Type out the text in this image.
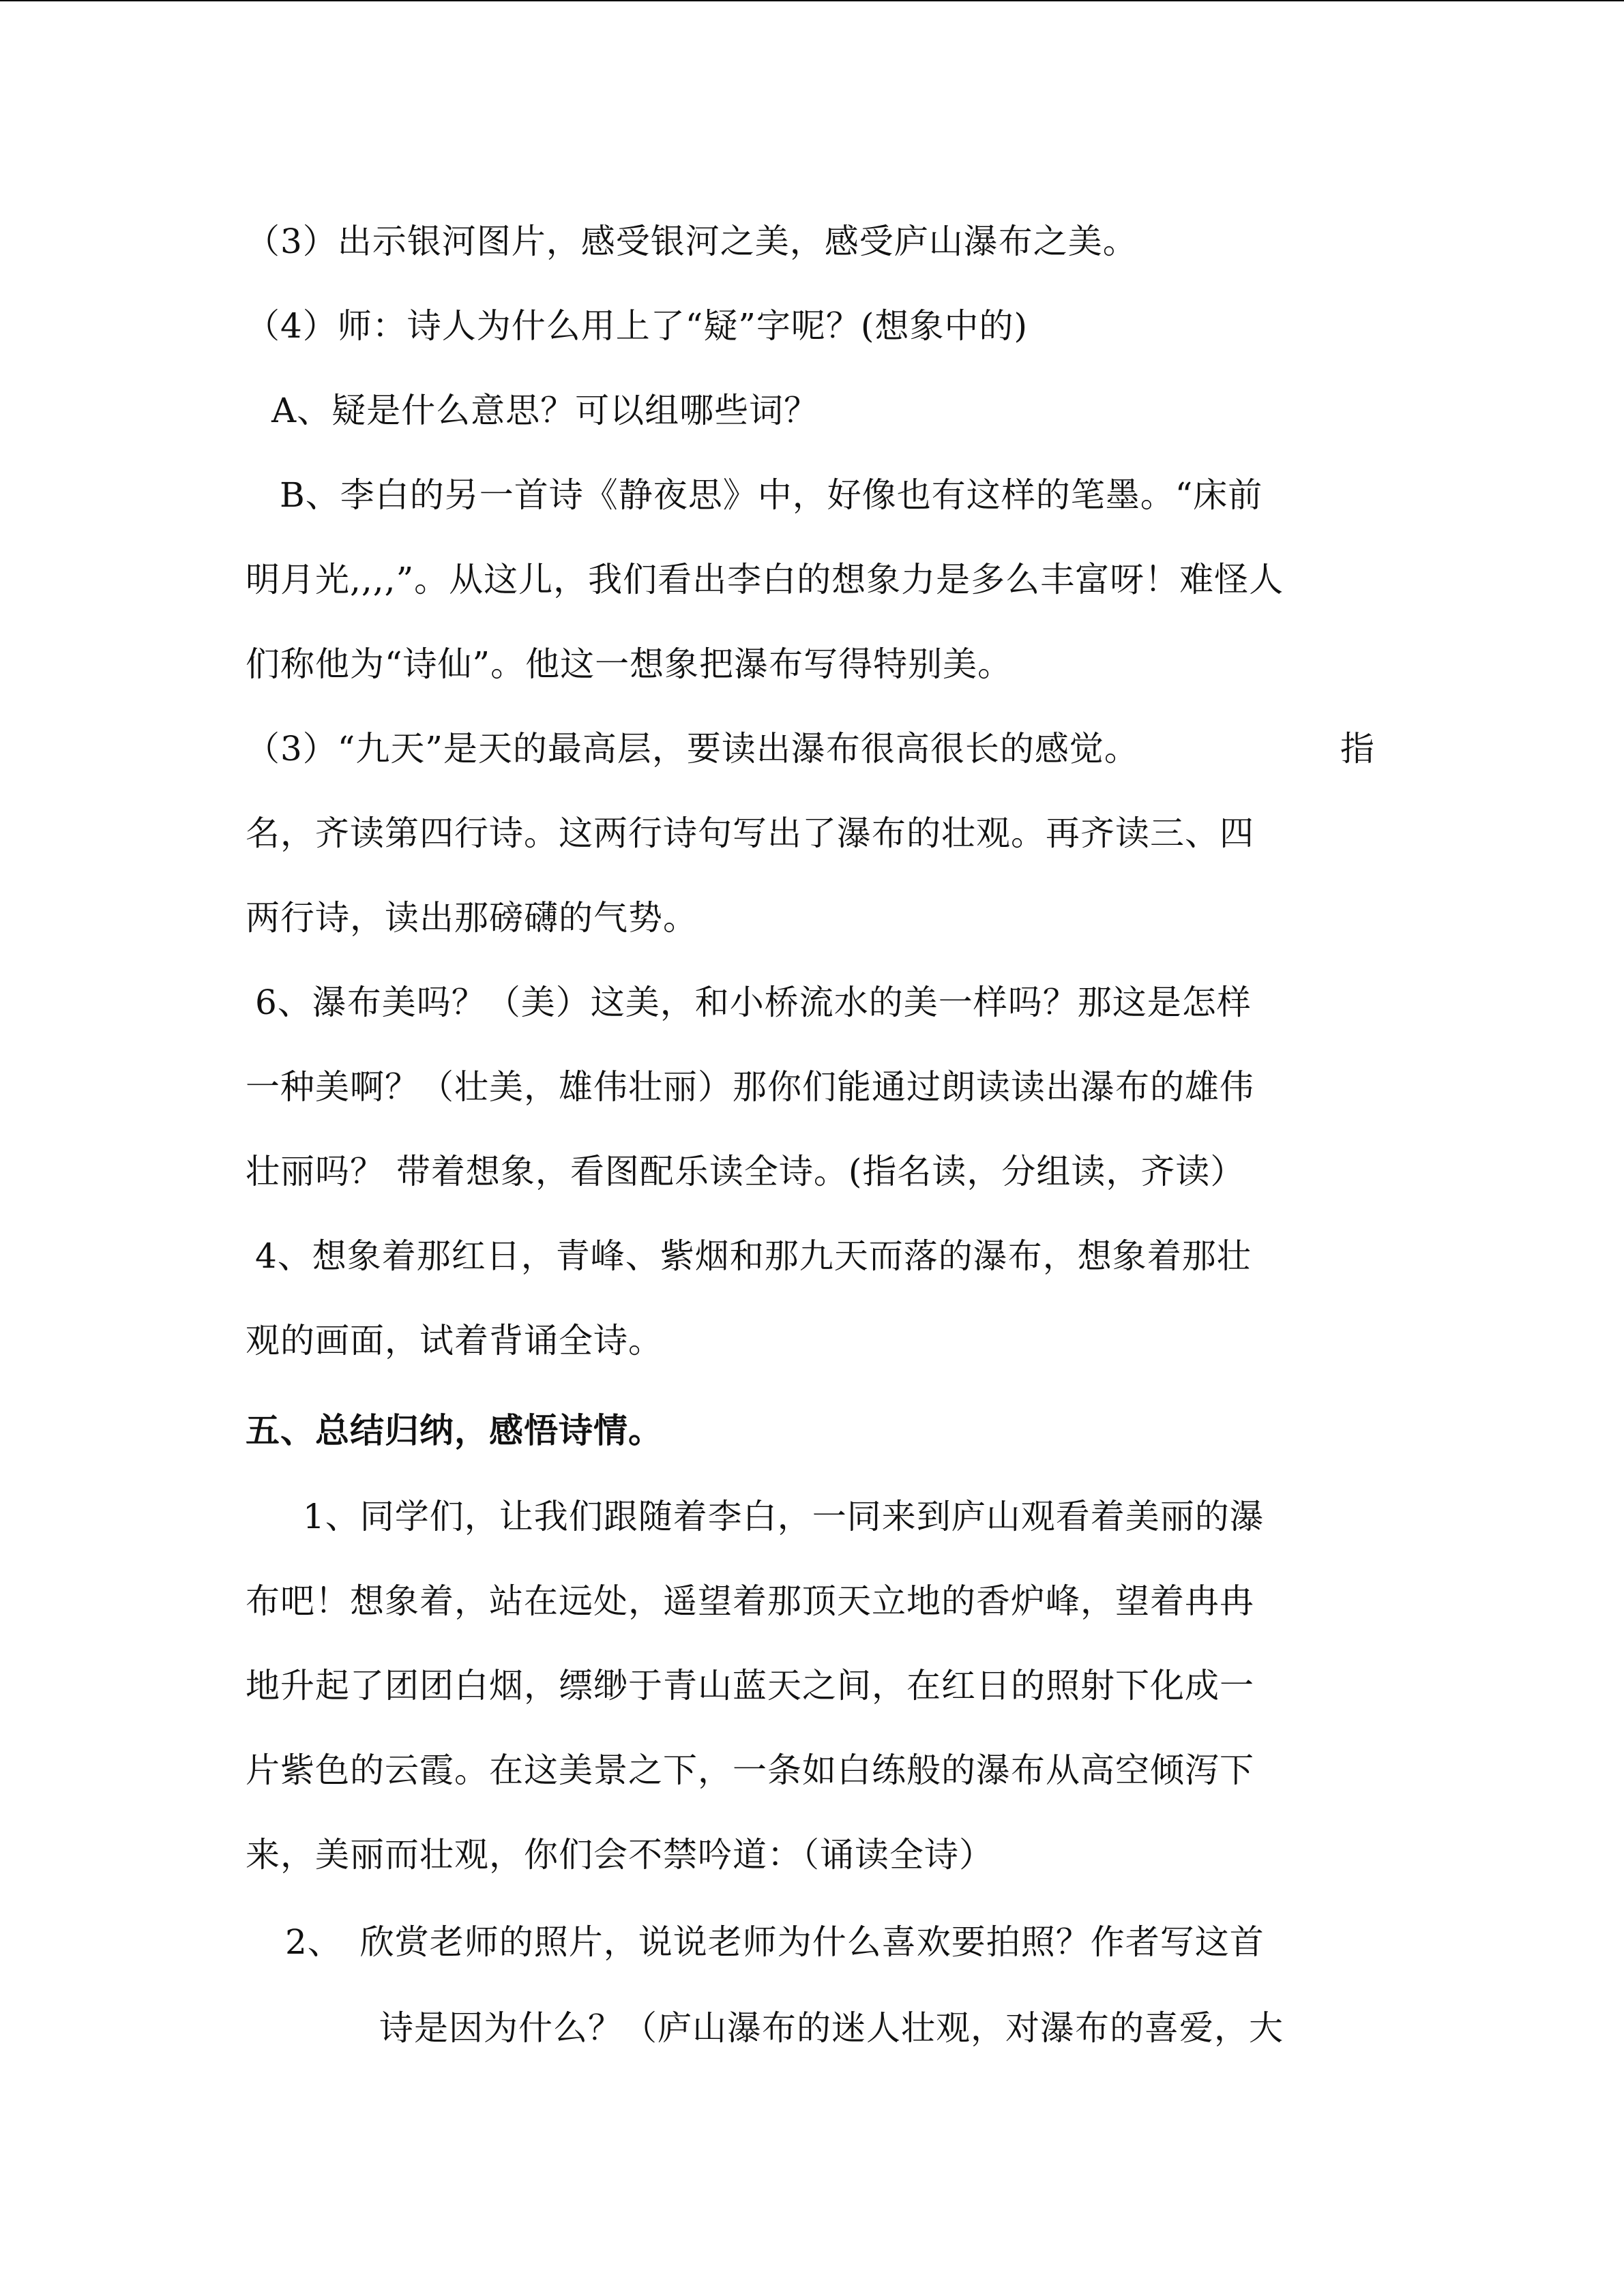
（3）出示银河图片，感受银河之美，感受庐山瀑布之美。
（4）师：诗人为什么用上了“疑”字呢？(想象中的)
A、疑是什么意思？可以组哪些词？
B、李白的另一首诗《静夜思》中，好像也有这样的笔墨。“床前
明月光,,,,”。从这儿，我们看出李白的想象力是多么丰富呀！难怪人
们称他为“诗仙”。他这一想象把瀑布写得特别美。
（3）“九天”是天的最高层，要读出瀑布很高很长的感觉。	指
名，齐读第四行诗。这两行诗句写出了瀑布的壮观。再齐读三、四
两行诗，读出那磅礴的气势。
6、瀑布美吗？（美）这美，和小桥流水的美一样吗？那这是怎样
一种美啊？（壮美，雄伟壮丽）那你们能通过朗读读出瀑布的雄伟
壮丽吗？ 带着想象，看图配乐读全诗。(指名读，分组读，齐读）
4、想象着那红日，青峰、紫烟和那九天而落的瀑布，想象着那壮
观的画面，试着背诵全诗。
五、总结归纳，感悟诗情。
1、同学们，让我们跟随着李白，一同来到庐山观看着美丽的瀑
布吧！想象着，站在远处，遥望着那顶天立地的香炉峰，望着冉冉
地升起了团团白烟，缥缈于青山蓝天之间，在红日的照射下化成一
片紫色的云霞。在这美景之下，一条如白练般的瀑布从高空倾泻下
来，美丽而壮观，你们会不禁吟道：（诵读全诗）
2、　欣赏老师的照片，说说老师为什么喜欢要拍照？作者写这首
诗是因为什么？（庐山瀑布的迷人壮观，对瀑布的喜爱，大
